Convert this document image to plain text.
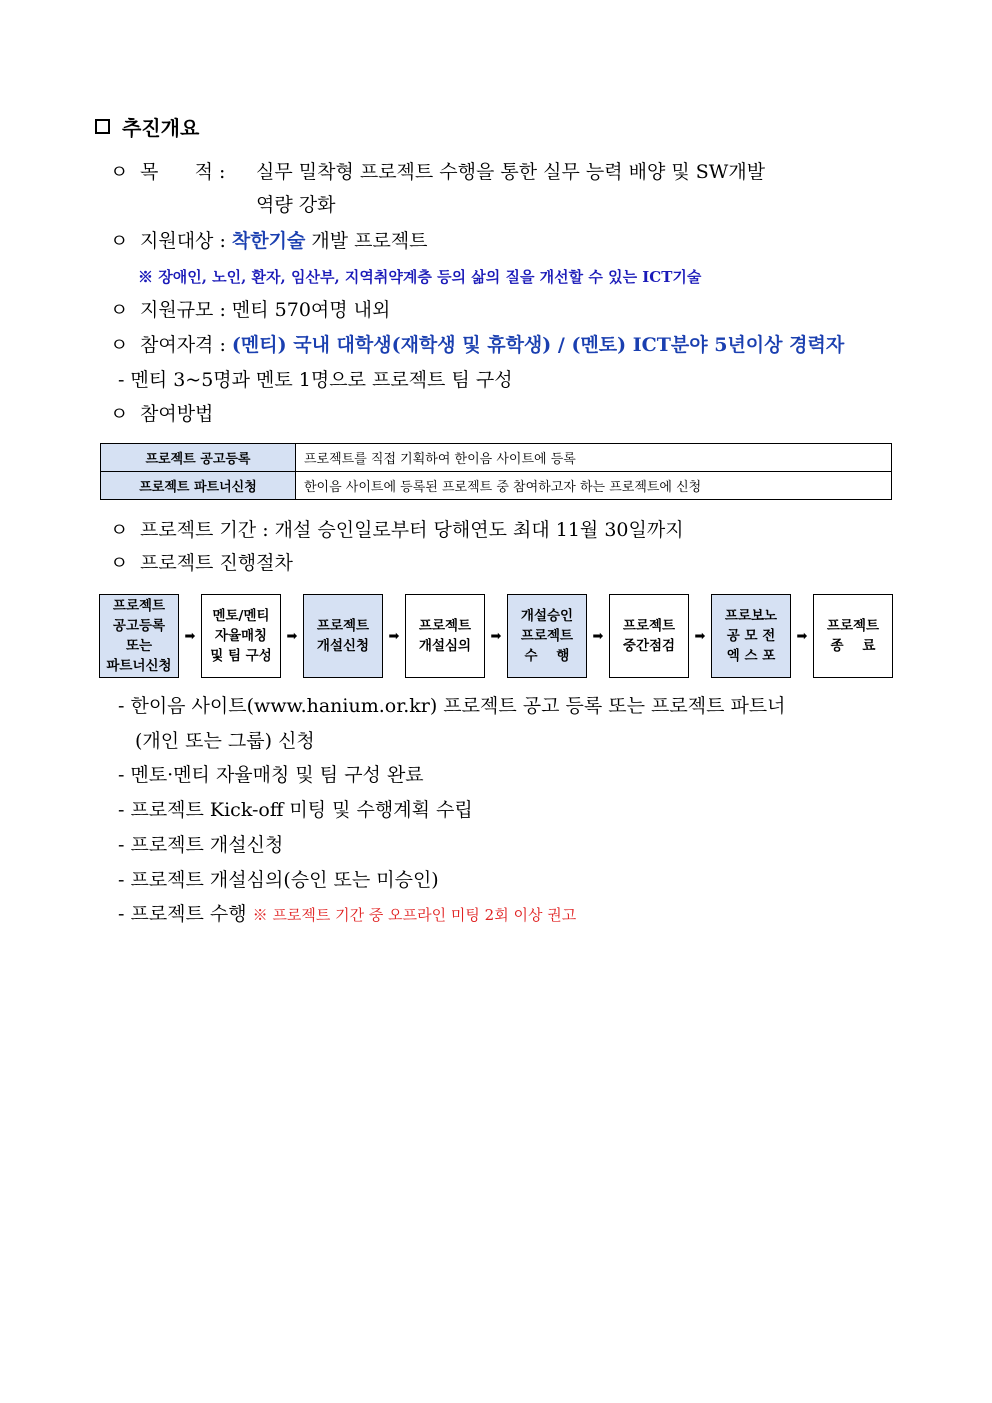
추진개요
ㅇ 목      적 : 실무 밀착형 프로젝트 수행을 통한 실무 능력 배양 및 SW개발
역량 강화
ㅇ 지원대상 : 착한기술 개발 프로젝트
※ 장애인, 노인, 환자, 임산부, 지역취약계층 등의 삶의 질을 개선할 수 있는 ICT기술
ㅇ 지원규모 : 멘티 570여명 내외
ㅇ 참여자격 : (멘티) 국내 대학생(재학생 및 휴학생) / (멘토) ICT분야 5년이상 경력자
- 멘티 3~5명과 멘토 1명으로 프로젝트 팀 구성
ㅇ 참여방법
프로젝트 공고등록	프로젝트를 직접 기획하여 한이음 사이트에 등록
프로젝트 파트너신청	한이음 사이트에 등록된 프로젝트 중 참여하고자 하는 프로젝트에 신청
ㅇ 프로젝트 기간 : 개설 승인일로부터 당해연도 최대 11월 30일까지
ㅇ 프로젝트 진행절차
프로젝트
공고등록
또는
파트너신청
➡
멘토/멘티
자율매칭
및 팀 구성
➡
프로젝트
개설신청
➡
프로젝트
개설심의
➡
개설승인
프로젝트
수    행
➡
프로젝트
중간점검
➡
프로보노
공 모 전
엑 스 포
➡
프로젝트
종    료
- 한이음 사이트(www.hanium.or.kr) 프로젝트 공고 등록 또는 프로젝트 파트너
(개인 또는 그룹) 신청
- 멘토·멘티 자율매칭 및 팀 구성 완료
- 프로젝트 Kick-off 미팅 및 수행계획 수립
- 프로젝트 개설신청
- 프로젝트 개설심의(승인 또는 미승인)
- 프로젝트 수행 ※ 프로젝트 기간 중 오프라인 미팅 2회 이상 권고
